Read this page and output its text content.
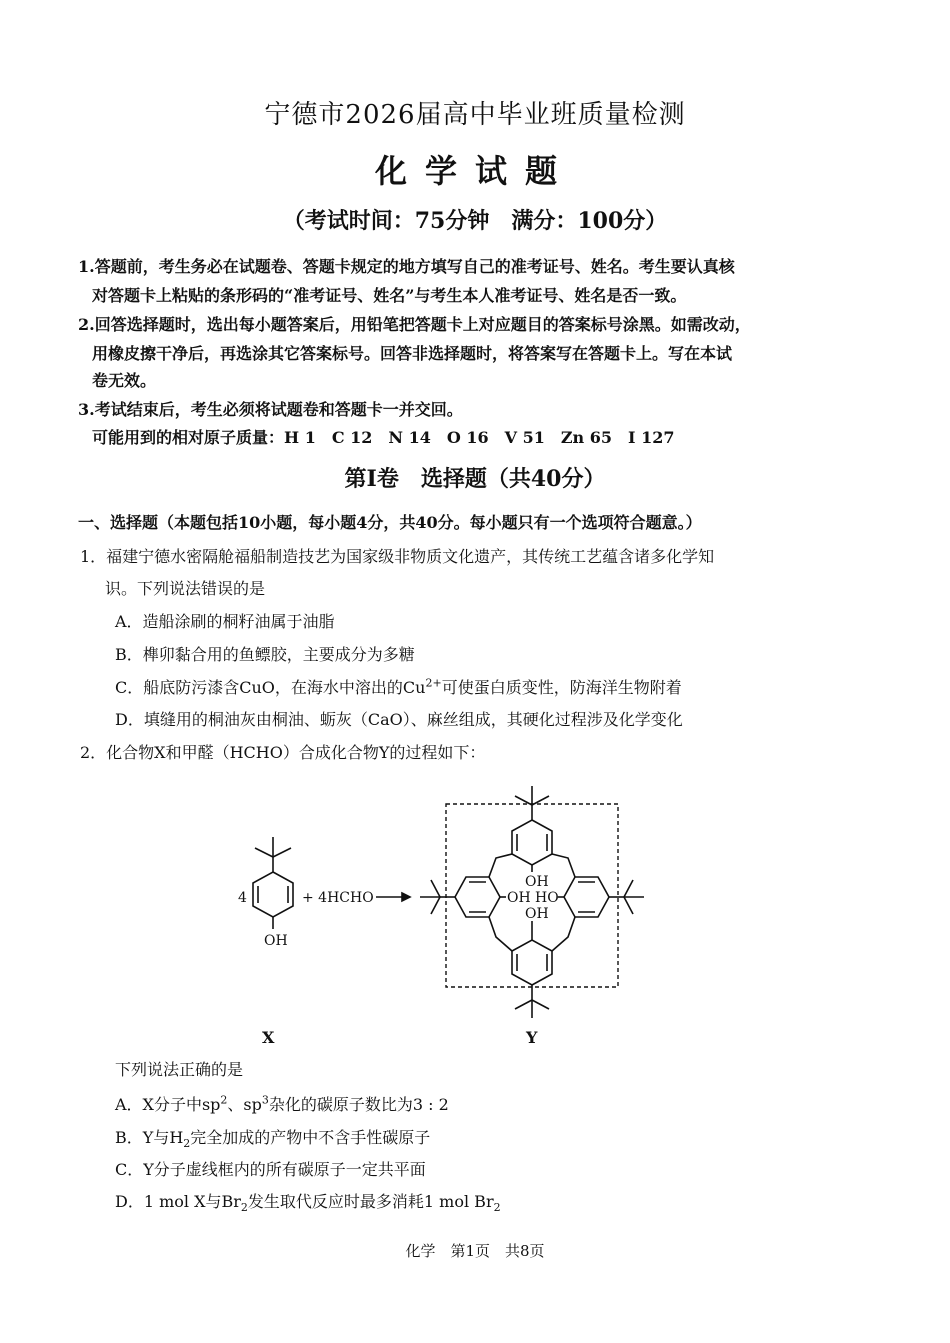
宁德市2026届高中毕业班质量检测
化学试题
（考试时间：75分钟　满分：100分）
1.答题前，考生务必在试题卷、答题卡规定的地方填写自己的准考证号、姓名。考生要认真核
对答题卡上粘贴的条形码的“准考证号、姓名”与考生本人准考证号、姓名是否一致。
2.回答选择题时，选出每小题答案后，用铅笔把答题卡上对应题目的答案标号涂黑。如需改动，
用橡皮擦干净后，再选涂其它答案标号。回答非选择题时，将答案写在答题卡上。写在本试
卷无效。
3.考试结束后，考生必须将试题卷和答题卡一并交回。
可能用到的相对原子质量：H 1　C 12　N 14　O 16　V 51　Zn 65　I 127
第Ⅰ卷　选择题（共40分）
一、选择题（本题包括10小题，每小题4分，共40分。每小题只有一个选项符合题意。）
1．福建宁德水密隔舱福船制造技艺为国家级非物质文化遗产，其传统工艺蕴含诸多化学知
识。下列说法错误的是
A．造船涂刷的桐籽油属于油脂
B．榫卯黏合用的鱼鳔胶，主要成分为多糖
C．船底防污漆含CuO，在海水中溶出的$Cu^{2+}$可使蛋白质变性，防海洋生物附着
D．填缝用的桐油灰由桐油、蛎灰（CaO）、麻丝组成，其硬化过程涉及化学变化
2．化合物X和甲醛（HCHO）合成化合物Y的过程如下：
4
OH
+ 4HCHO
OH
OH HO
OH
X	Y
下列说法正确的是
A．X分子中$sp^2$、$sp^3$杂化的碳原子数比为3 : 2
B．Y与$H_2$完全加成的产物中不含手性碳原子
C．Y分子虚线框内的所有碳原子一定共平面
D．1 mol X与$Br_2$发生取代反应时最多消耗1 mol $Br_2$
化学　第1页　共8页
